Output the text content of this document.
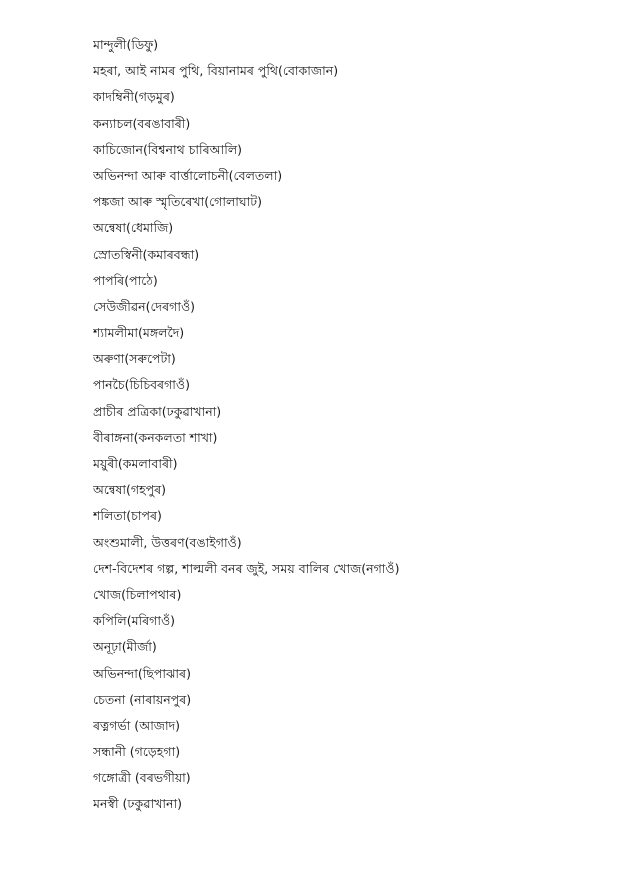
মান্দুলী(ডিফু)
মহৰা, আই নামৰ পুথি, বিয়ানামৰ পুথি(বোকাজান)
কাদম্বিনী(গড়মুৰ)
কন্যাচল(বৰঙাবাৰী)
কাচিজোন(বিশ্বনাথ চাৰিআলি)
অভিনন্দা আৰু বাৰ্ত্তালোচনী(বেলতলা)
পঙ্কজা আৰু স্মৃতিৰেখা(গোলাঘাট)
অন্বেষা(ধেমাজি)
স্রোতস্বিনী(কমাৰবন্ধা)
পাপৰি(পাঠে)
সেউজীৱন(দেৰগাওঁ)
শ্যামলীমা(মঙ্গলদৈ)
অৰুণা(সৰুপেটা)
পানচৈ(চিচিবৰগাওঁ)
প্ৰাচীৰ প্ৰত্ৰিকা(ঢকুৱাখানা)
বীৰাঙ্গনা(কনকলতা শাখা)
ময়ুৰী(কমলাবাৰী)
অন্বেষা(গহপুৰ)
শলিতা(চাপৰ)
অংশুমালী, উত্তৰণ(বঙাইগাওঁ)
দেশ-বিদেশৰ গল্প, শাল্মলী বনৰ জুই, সময় বালিৰ খোজ(নগাওঁ)
খোজ(চিলাপথাৰ)
কপিলি(মৰিগাওঁ)
অনূঢ়া(মীৰ্জা)
অভিনন্দা(ছিপাঝাৰ)
চেতনা (নাৰায়নপুৰ)
ৰত্নগৰ্ভা (আজাদ)
সন্ধানী (গড়েহগা)
গঙ্গোত্ৰী (বৰভগীয়া)
মনস্বী (ঢকুৱাখানা)
